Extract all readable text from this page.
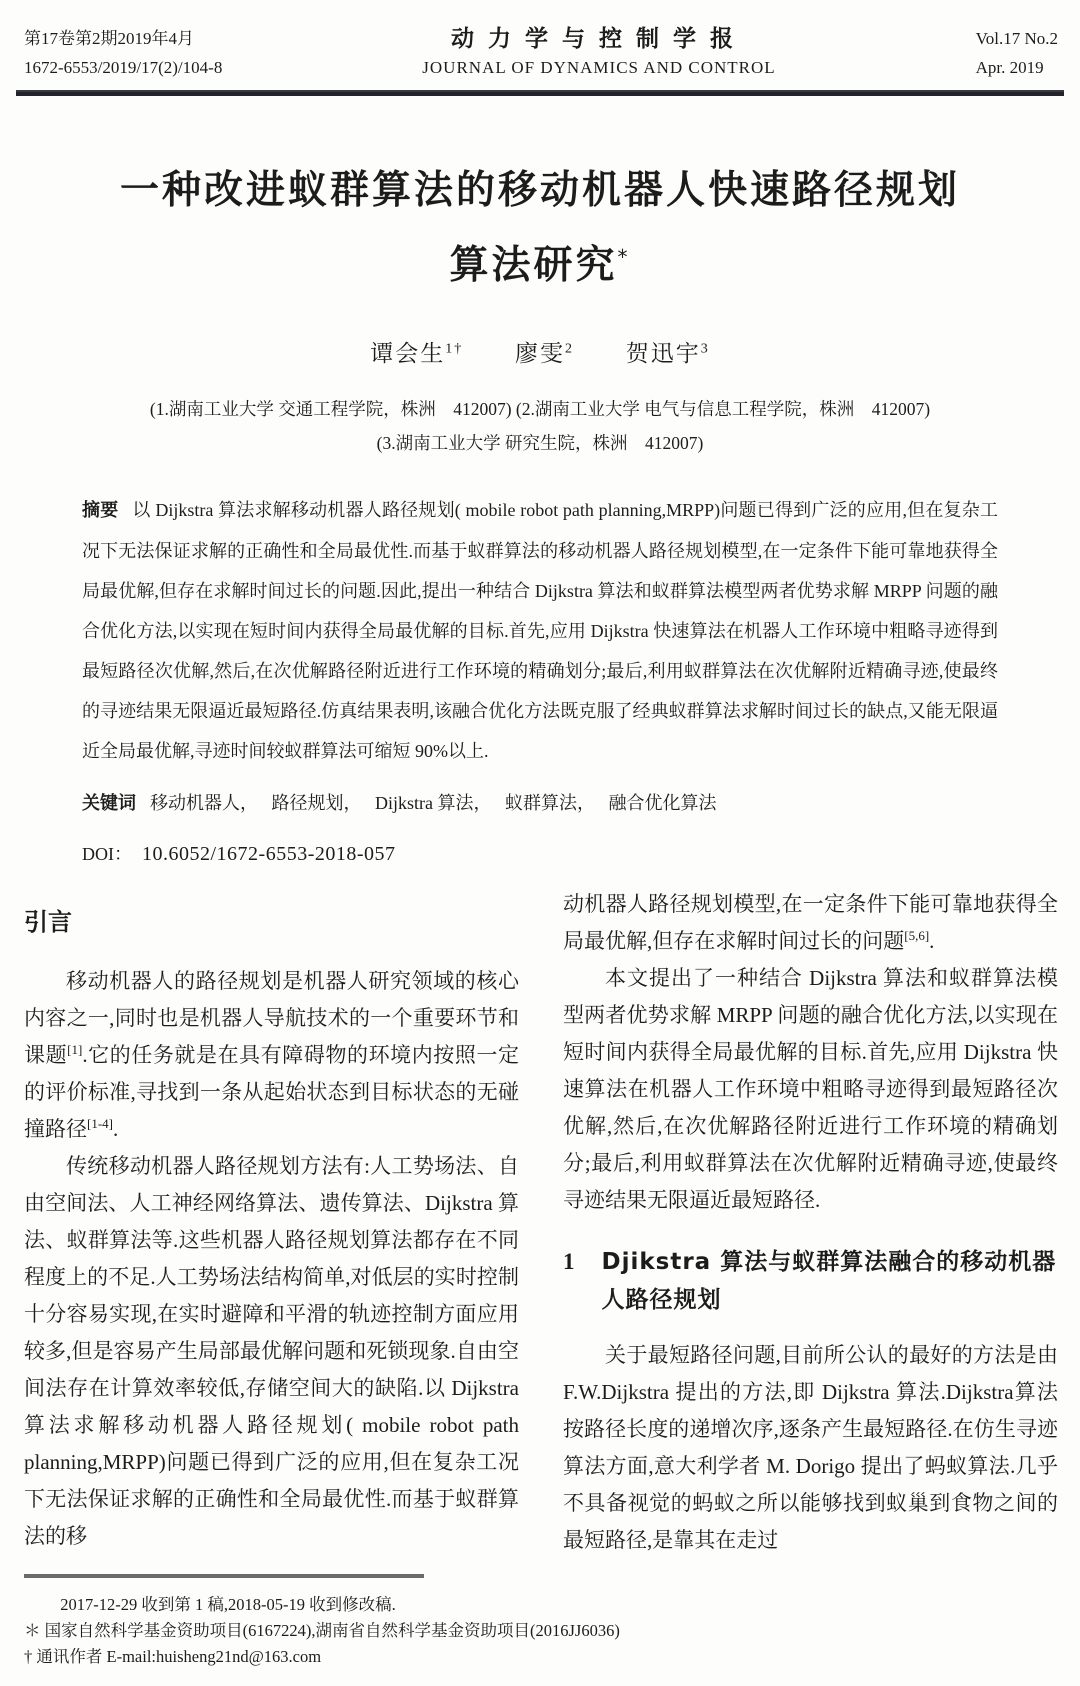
第17卷第2期2019年4月
1672-6553/2019/17(2)/104-8
动力学与控制学报
JOURNAL OF DYNAMICS AND CONTROL
Vol.17 No.2
Apr. 2019
一种改进蚁群算法的移动机器人快速路径规划
算法研究*
谭会生$^{1\dagger}$ 廖雯$^2$ 贺迅宇$^3$
(1.湖南工业大学 交通工程学院，株洲　412007) (2.湖南工业大学 电气与信息工程学院，株洲　412007)
(3.湖南工业大学 研究生院，株洲　412007)

摘要 以 Dijkstra 算法求解移动机器人路径规划( mobile robot path planning,MRPP)问题已得到广泛的应用,但在复杂工况下无法保证求解的正确性和全局最优性.而基于蚁群算法的移动机器人路径规划模型,在一定条件下能可靠地获得全局最优解,但存在求解时间过长的问题.因此,提出一种结合 Dijkstra 算法和蚁群算法模型两者优势求解 MRPP 问题的融合优化方法,以实现在短时间内获得全局最优解的目标.首先,应用 Dijkstra 快速算法在机器人工作环境中粗略寻迹得到最短路径次优解,然后,在次优解路径附近进行工作环境的精确划分;最后,利用蚁群算法在次优解附近精确寻迹,使最终的寻迹结果无限逼近最短路径.仿真结果表明,该融合优化方法既克服了经典蚁群算法求解时间过长的缺点,又能无限逼近全局最优解,寻迹时间较蚁群算法可缩短 90%以上.

关键词 移动机器人，   路径规划，   Dijkstra 算法，   蚁群算法，   融合优化算法

DOI： 10.6052/1672-6553-2018-057

引言

移动机器人的路径规划是机器人研究领域的核心内容之一,同时也是机器人导航技术的一个重要环节和课题[1].它的任务就是在具有障碍物的环境内按照一定的评价标准,寻找到一条从起始状态到目标状态的无碰撞路径[1-4].

传统移动机器人路径规划方法有:人工势场法、自由空间法、人工神经网络算法、遗传算法、Dijkstra 算法、蚁群算法等.这些机器人路径规划算法都存在不同程度上的不足.人工势场法结构简单,对低层的实时控制十分容易实现,在实时避障和平滑的轨迹控制方面应用较多,但是容易产生局部最优解问题和死锁现象.自由空间法存在计算效率较低,存储空间大的缺陷.以 Dijkstra 算法求解移动机器人路径规划( mobile robot path planning,MRPP)问题已得到广泛的应用,但在复杂工况下无法保证求解的正确性和全局最优性.而基于蚁群算法的移

动机器人路径规划模型,在一定条件下能可靠地获得全局最优解,但存在求解时间过长的问题[5,6].

本文提出了一种结合 Dijkstra 算法和蚁群算法模型两者优势求解 MRPP 问题的融合优化方法,以实现在短时间内获得全局最优解的目标.首先,应用 Dijkstra 快速算法在机器人工作环境中粗略寻迹得到最短路径次优解,然后,在次优解路径附近进行工作环境的精确划分;最后,利用蚁群算法在次优解附近精确寻迹,使最终寻迹结果无限逼近最短路径.

1 Djikstra 算法与蚁群算法融合的移动机器人路径规划

关于最短路径问题,目前所公认的最好的方法是由 F.W.Dijkstra 提出的方法,即 Dijkstra 算法.Dijkstra算法按路径长度的递增次序,逐条产生最短路径.在仿生寻迹算法方面,意大利学者 M. Dorigo 提出了蚂蚁算法.几乎不具备视觉的蚂蚁之所以能够找到蚁巢到食物之间的最短路径,是靠其在走过

2017-12-29 收到第 1 稿,2018-05-19 收到修改稿.

＊ 国家自然科学基金资助项目(6167224),湖南省自然科学基金资助项目(2016JJ6036)

† 通讯作者 E-mail:huisheng21nd@163.com
